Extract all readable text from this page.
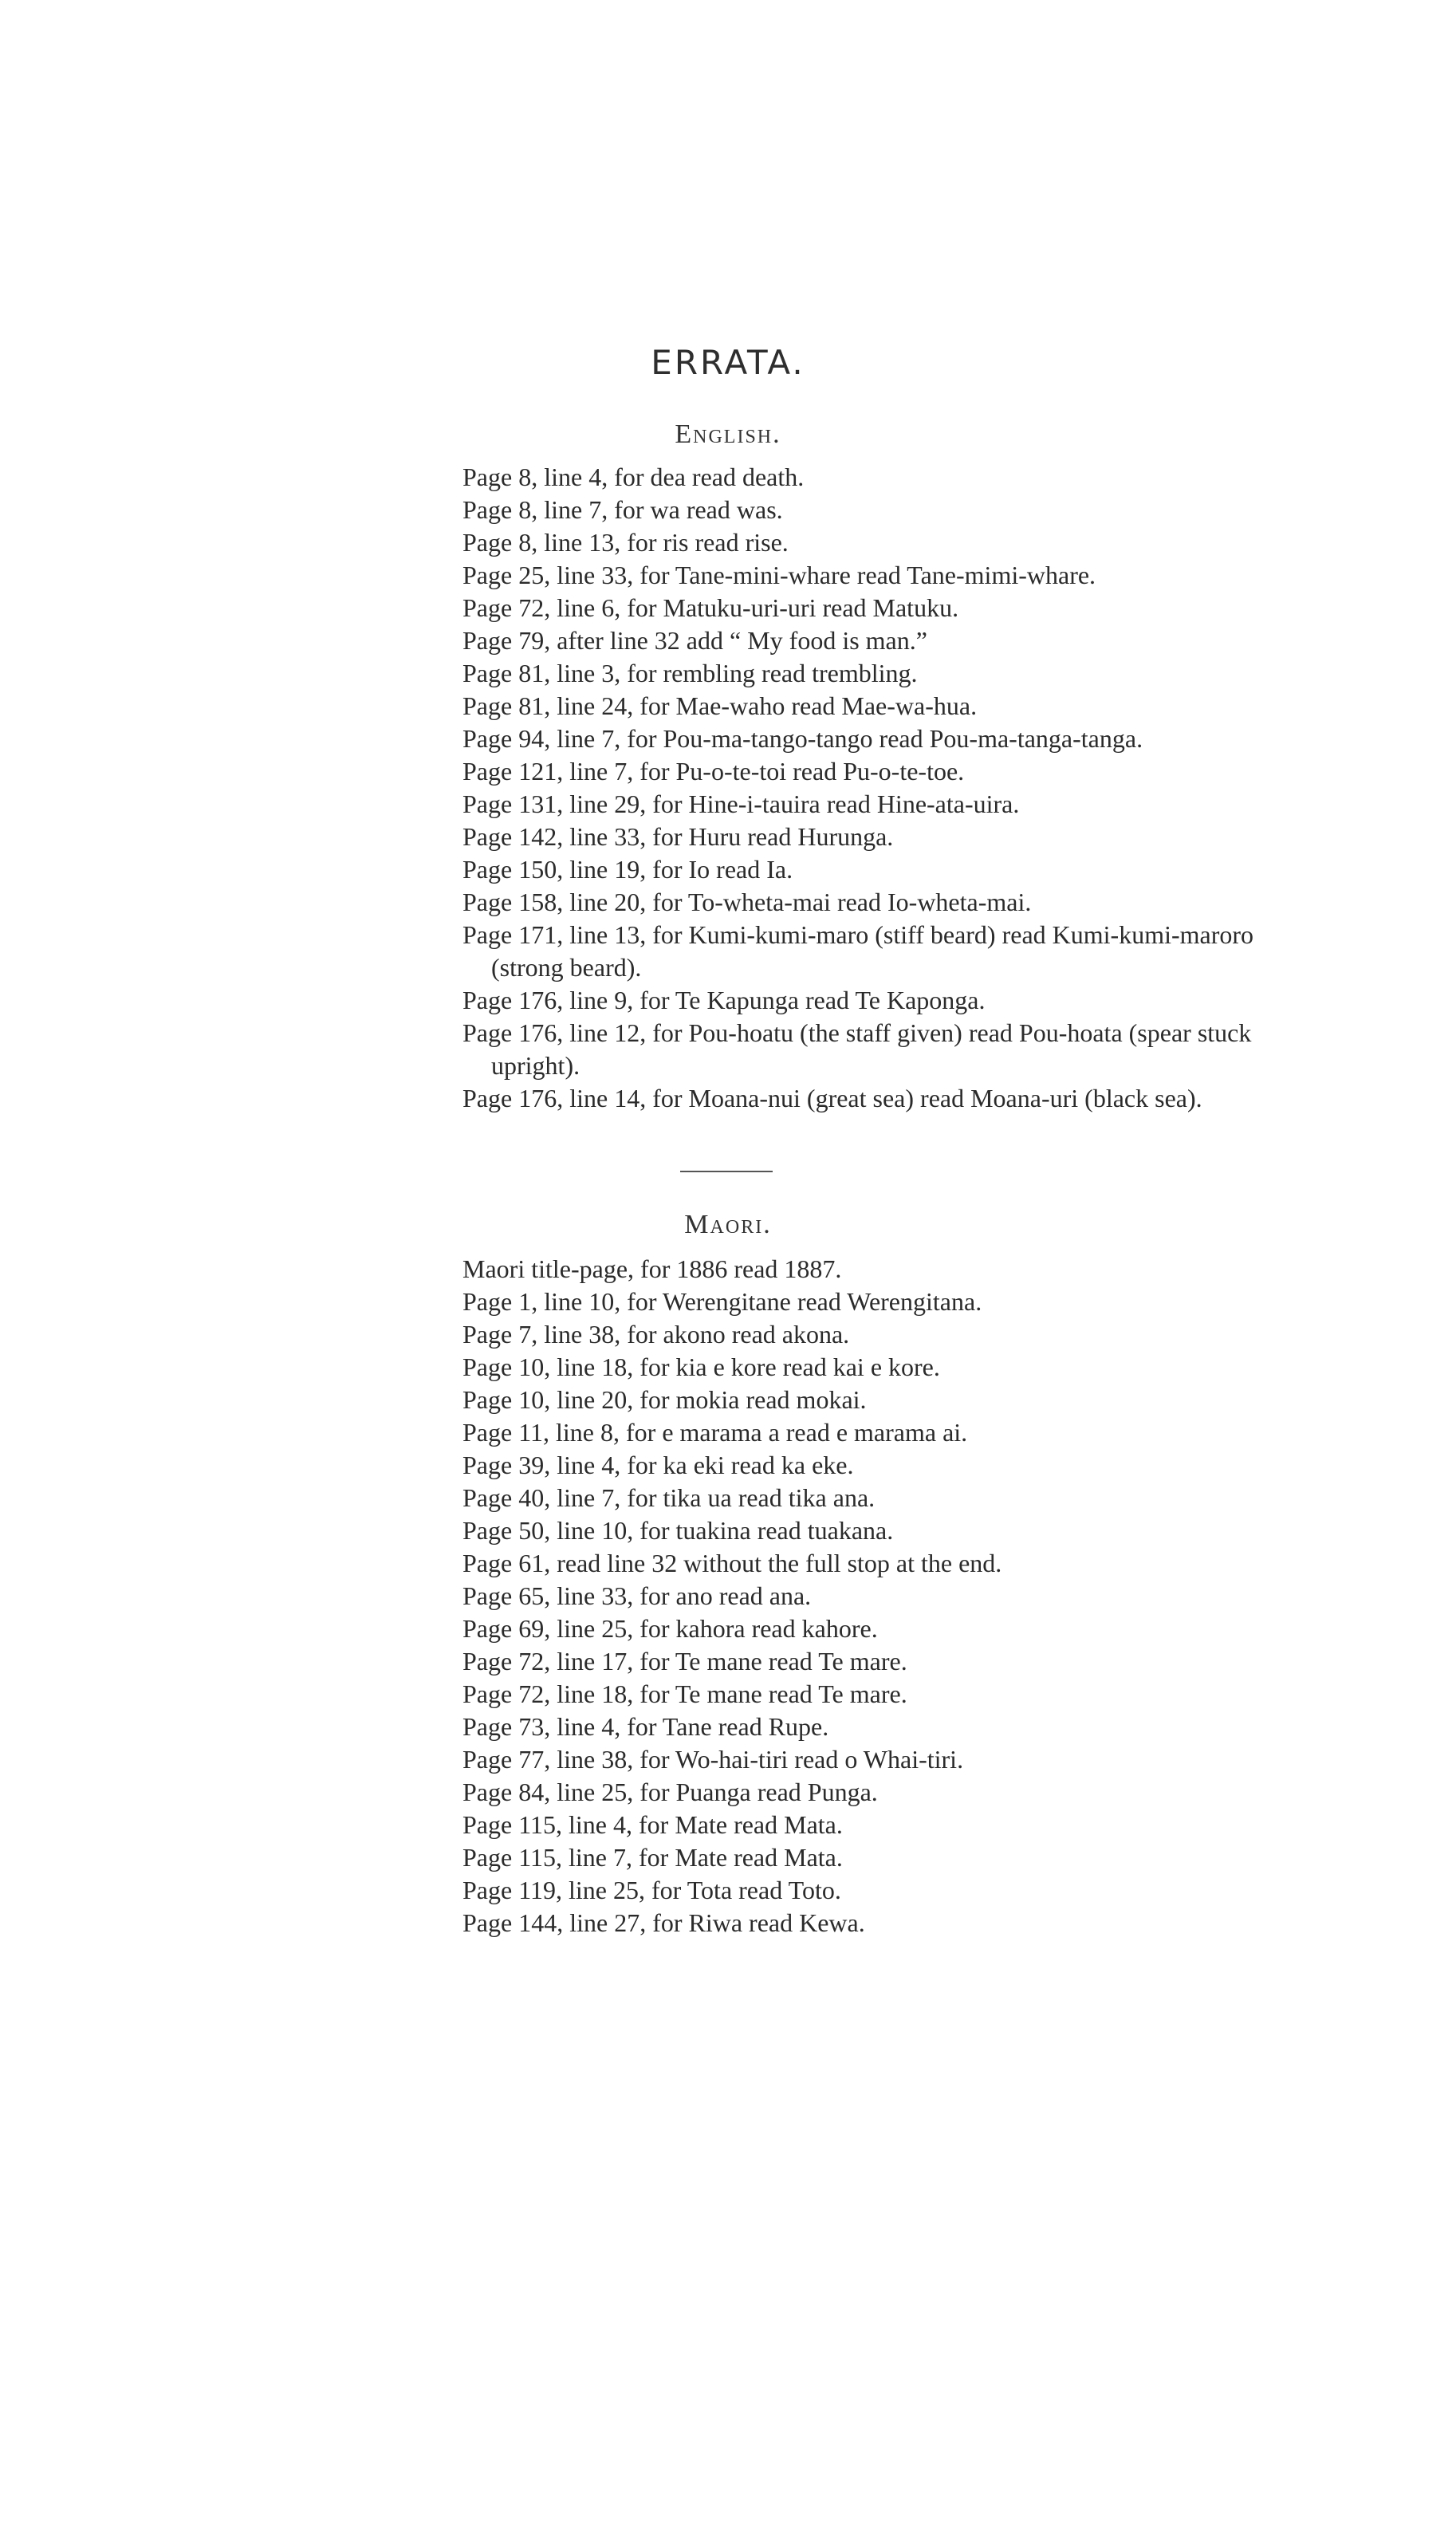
ERRATA.
English.
Page 8, line 4, for dea read death.
Page 8, line 7, for wa read was.
Page 8, line 13, for ris read rise.
Page 25, line 33, for Tane-mini-whare read Tane-mimi-whare.
Page 72, line 6, for Matuku-uri-uri read Matuku.
Page 79, after line 32 add “ My food is man.”
Page 81, line 3, for rembling read trembling.
Page 81, line 24, for Mae-waho read Mae-wa-hua.
Page 94, line 7, for Pou-ma-tango-tango read Pou-ma-tanga-tanga.
Page 121, line 7, for Pu-o-te-toi read Pu-o-te-toe.
Page 131, line 29, for Hine-i-tauira read Hine-ata-uira.
Page 142, line 33, for Huru read Hurunga.
Page 150, line 19, for Io read Ia.
Page 158, line 20, for To-wheta-mai read Io-wheta-mai.
Page 171, line 13, for Kumi-kumi-maro (stiff beard) read Kumi-kumi-maroro (strong beard).
Page 176, line 9, for Te Kapunga read Te Kaponga.
Page 176, line 12, for Pou-hoatu (the staff given) read Pou-hoata (spear stuck upright).
Page 176, line 14, for Moana-nui (great sea) read Moana-uri (black sea).
Maori.
Maori title-page, for 1886 read 1887.
Page 1, line 10, for Werengitane read Werengitana.
Page 7, line 38, for akono read akona.
Page 10, line 18, for kia e kore read kai e kore.
Page 10, line 20, for mokia read mokai.
Page 11, line 8, for e marama a read e marama ai.
Page 39, line 4, for ka eki read ka eke.
Page 40, line 7, for tika ua read tika ana.
Page 50, line 10, for tuakina read tuakana.
Page 61, read line 32 without the full stop at the end.
Page 65, line 33, for ano read ana.
Page 69, line 25, for kahora read kahore.
Page 72, line 17, for Te mane read Te mare.
Page 72, line 18, for Te mane read Te mare.
Page 73, line 4, for Tane read Rupe.
Page 77, line 38, for Wo-hai-tiri read o Whai-tiri.
Page 84, line 25, for Puanga read Punga.
Page 115, line 4, for Mate read Mata.
Page 115, line 7, for Mate read Mata.
Page 119, line 25, for Tota read Toto.
Page 144, line 27, for Riwa read Kewa.
